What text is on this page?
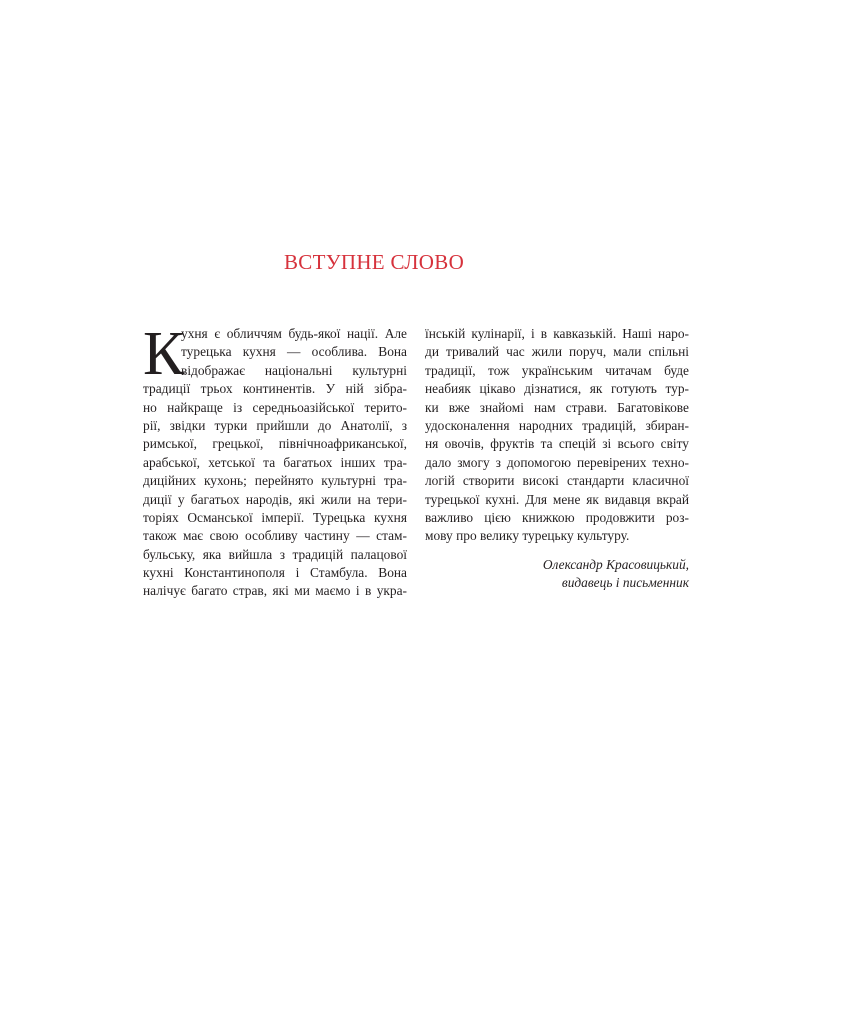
ВСТУПНЕ СЛОВО
К
ухня є обличчям будь-якої нації. Але
турецька кухня — особлива. Вона
відображає національні культурні
традиції трьох континентів. У ній зібра-
но найкраще із середньоазійської терито-
рії, звідки турки прийшли до Анатолії, з
римської, грецької, північноафриканської,
арабської, хетської та багатьох інших тра-
диційних кухонь; перейнято культурні тра-
диції у багатьох народів, які жили на тери-
торіях Османської імперії. Турецька кухня
також має свою особливу частину — стам-
бульську, яка вийшла з традицій палацової
кухні Константинополя і Стамбула. Вона
налічує багато страв, які ми маємо і в укра-
їнській кулінарії, і в кавказькій. Наші наро-
ди тривалий час жили поруч, мали спільні
традиції, тож українським читачам буде
неабияк цікаво дізнатися, як готують тур-
ки вже знайомі нам страви. Багатовікове
удосконалення народних традицій, збиран-
ня овочів, фруктів та спецій зі всього світу
дало змогу з допомогою перевірених техно-
логій створити високі стандарти класичної
турецької кухні. Для мене як видавця вкрай
важливо цією книжкою продовжити роз-
мову про велику турецьку культуру.
Олександр Красовицький,
видавець і письменник
